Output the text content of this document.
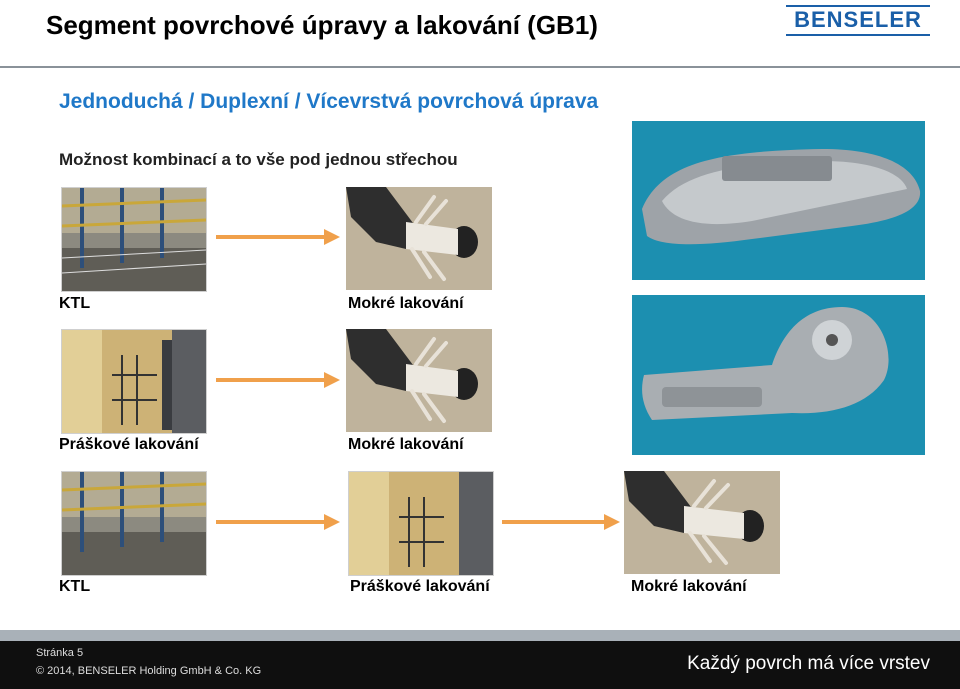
Segment povrchové úpravy a lakování (GB1)	BENSELER
Jednoduchá / Duplexní / Vícevrstvá povrchová úprava
Možnost kombinací a to vše pod jednou střechou
KTL	Mokré lakování
Práškové lakování	Mokré lakování
KTL	Práškové lakování	Mokré lakování
Stránka 5
© 2014, BENSELER Holding GmbH & Co. KG	Každý povrch má více vrstev
